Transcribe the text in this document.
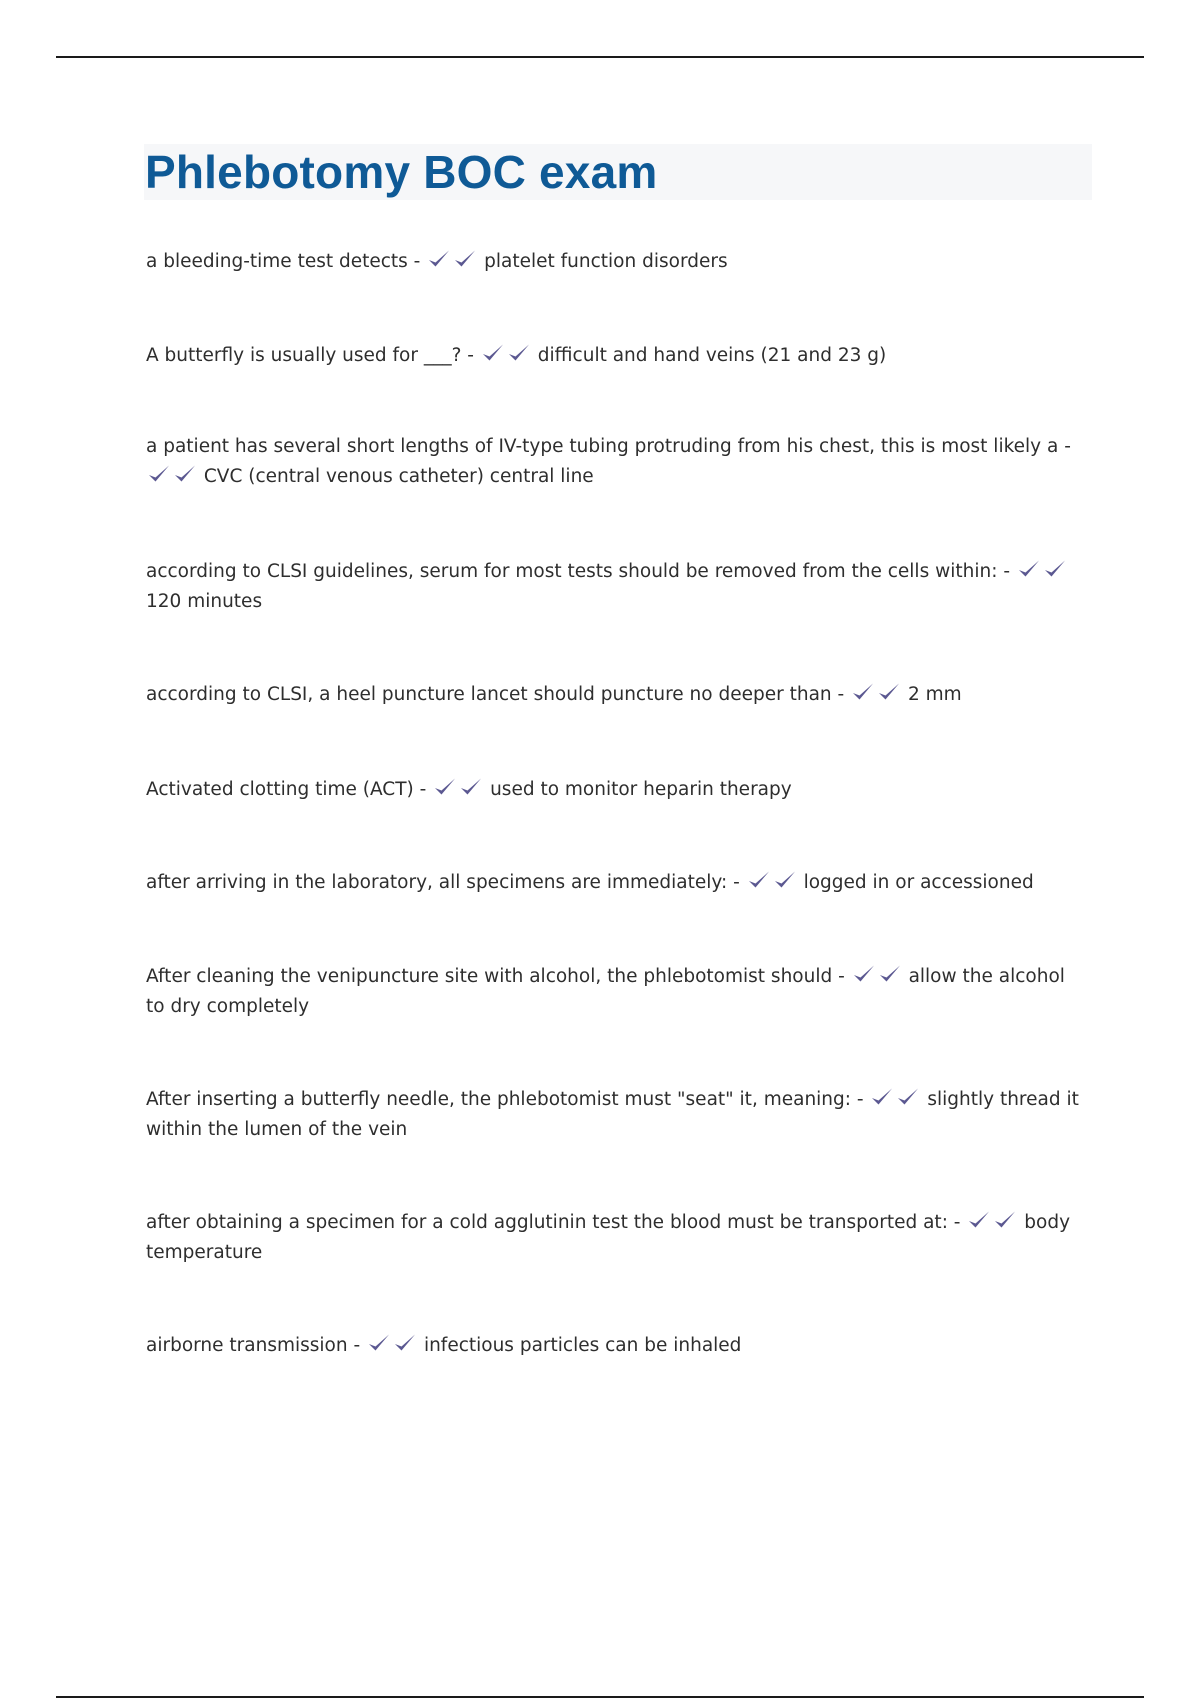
Phlebotomy BOC exam

a bleeding-time test detects -	platelet function disorders

A butterfly is usually used for ___? -	difficult and hand veins (21 and 23 g)

a patient has several short lengths of IV-type tubing protruding from his chest, this is most likely a -
CVC (central venous catheter) central line

according to CLSI guidelines, serum for most tests should be removed from the cells within: -
120 minutes

according to CLSI, a heel puncture lancet should puncture no deeper than -	2 mm

Activated clotting time (ACT) -	used to monitor heparin therapy

after arriving in the laboratory, all specimens are immediately: -	logged in or accessioned

After cleaning the venipuncture site with alcohol, the phlebotomist should -	allow the alcohol to dry completely

After inserting a butterfly needle, the phlebotomist must "seat" it, meaning: -	slightly thread it within the lumen of the vein

after obtaining a specimen for a cold agglutinin test the blood must be transported at: -	body temperature

airborne transmission -	infectious particles can be inhaled
